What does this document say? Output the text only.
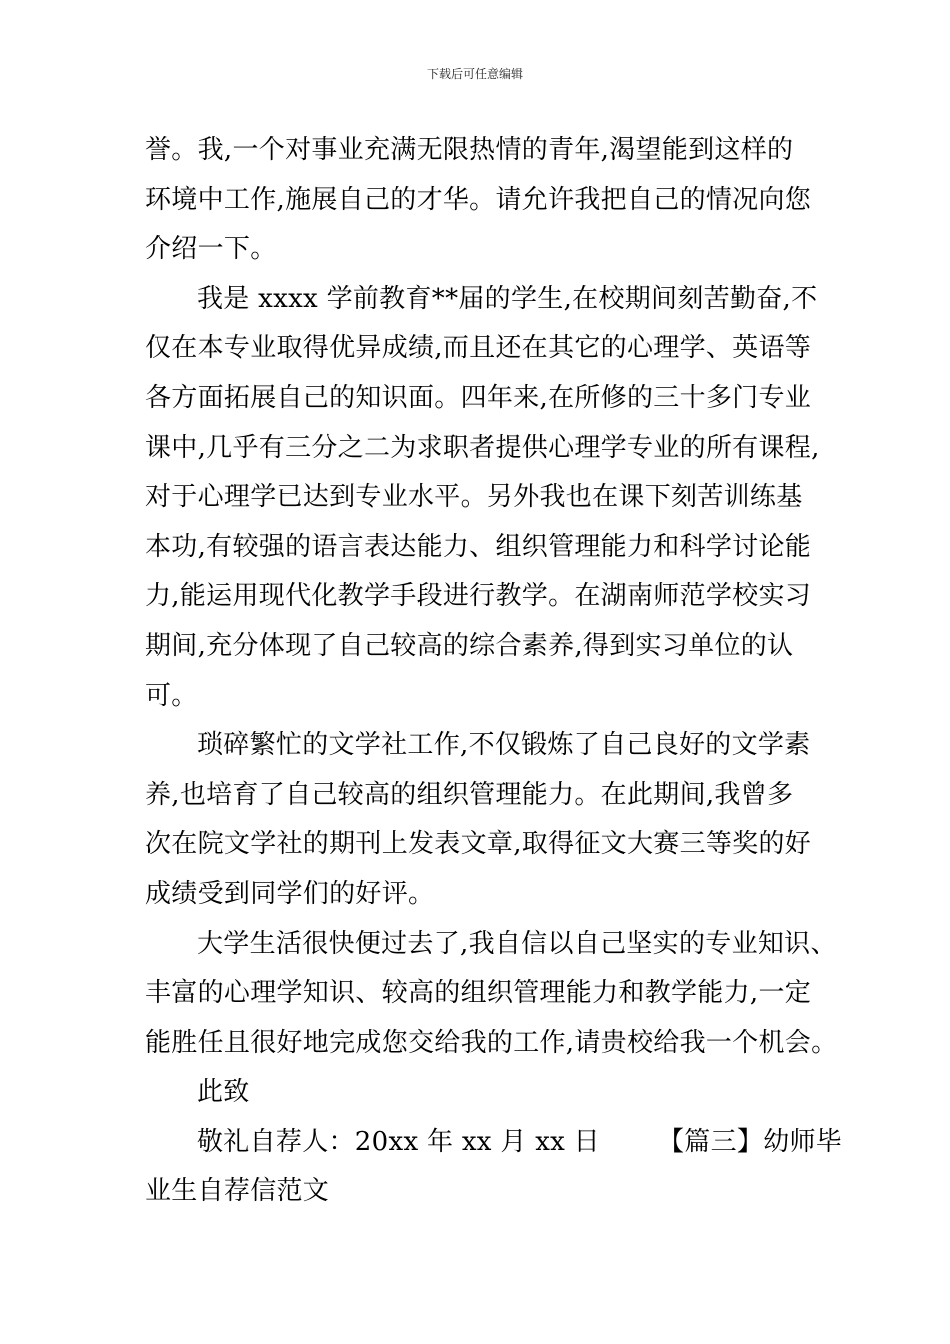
下载后可任意编辑
誉。我,一个对事业充满无限热情的青年,渴望能到这样的
环境中工作,施展自己的才华。请允许我把自己的情况向您
介绍一下。
我是 xxxx 学前教育**届的学生,在校期间刻苦勤奋,不
仅在本专业取得优异成绩,而且还在其它的心理学、英语等
各方面拓展自己的知识面。四年来,在所修的三十多门专业
课中,几乎有三分之二为求职者提供心理学专业的所有课程,
对于心理学已达到专业水平。另外我也在课下刻苦训练基
本功,有较强的语言表达能力、组织管理能力和科学讨论能
力,能运用现代化教学手段进行教学。在湖南师范学校实习
期间,充分体现了自己较高的综合素养,得到实习单位的认
可。
琐碎繁忙的文学社工作,不仅锻炼了自己良好的文学素
养,也培育了自己较高的组织管理能力。在此期间,我曾多
次在院文学社的期刊上发表文章,取得征文大赛三等奖的好
成绩受到同学们的好评。
大学生活很快便过去了,我自信以自己坚实的专业知识、
丰富的心理学知识、较高的组织管理能力和教学能力,一定
能胜任且很好地完成您交给我的工作,请贵校给我一个机会。
此致
敬礼自荐人：20xx 年 xx 月 xx 日 【篇三】幼师毕
业生自荐信范文
